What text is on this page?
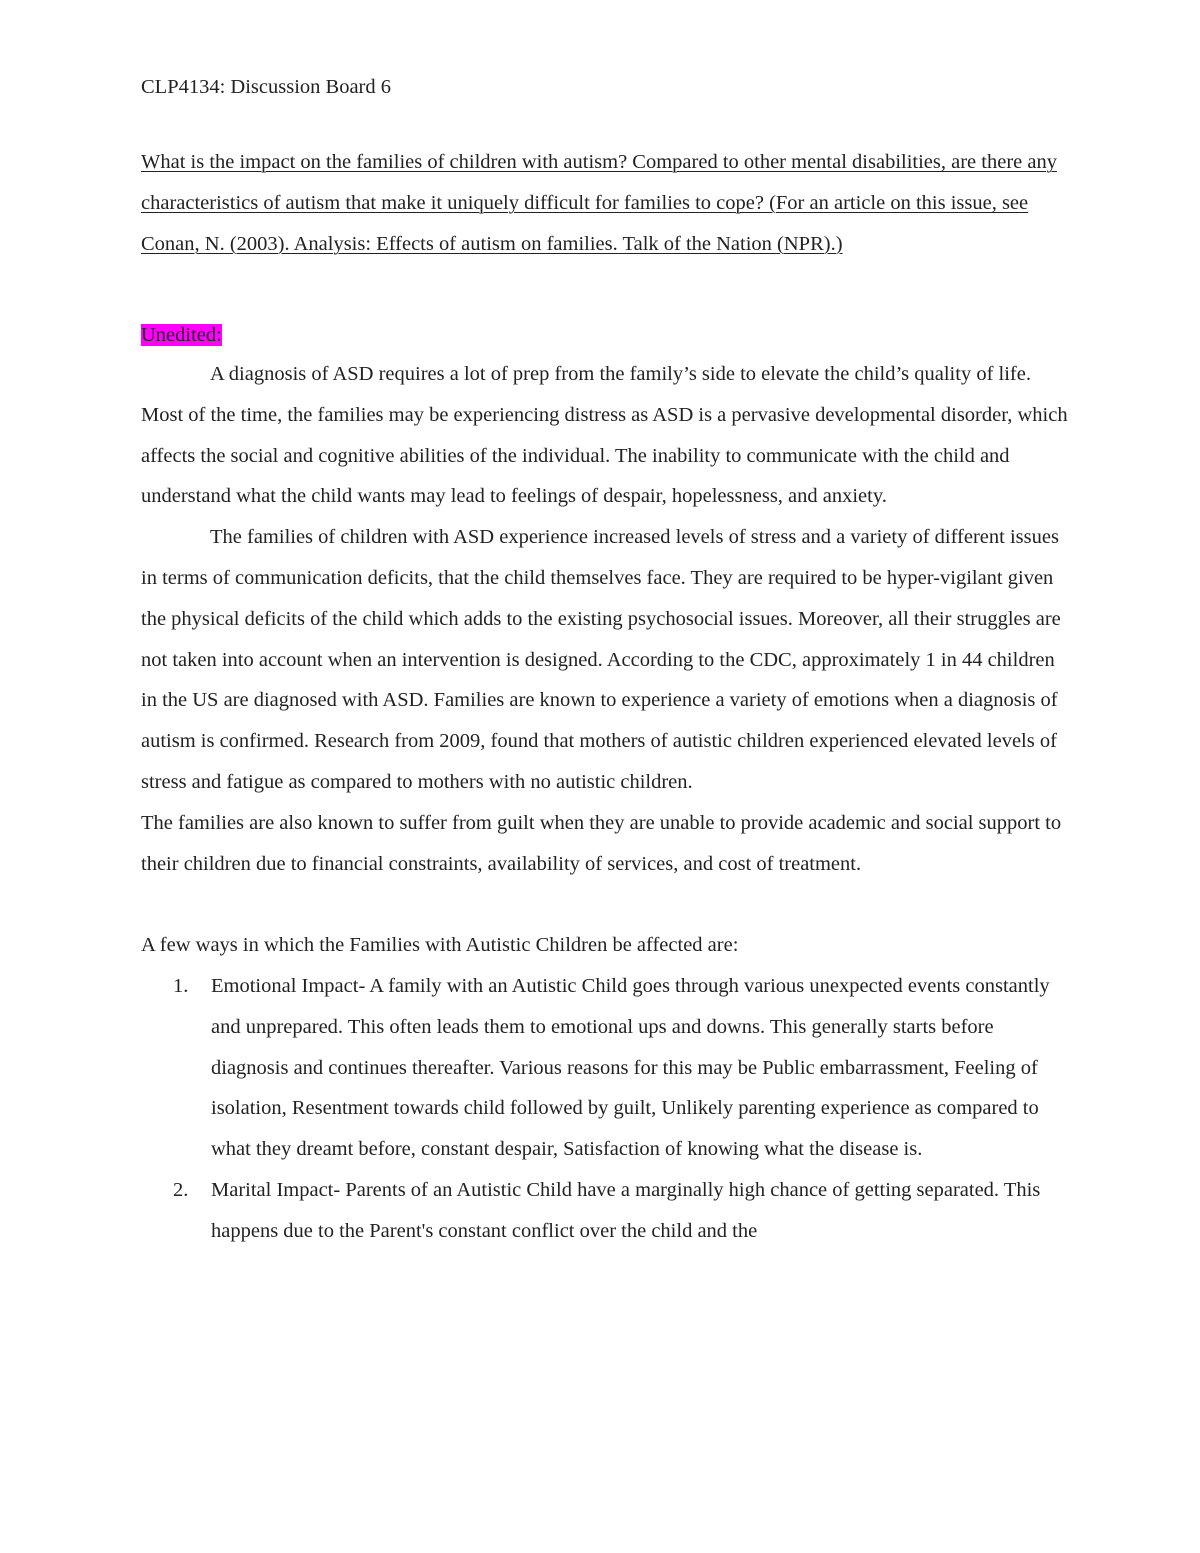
CLP4134: Discussion Board 6
What is the impact on the families of children with autism? Compared to other mental disabilities, are there any characteristics of autism that make it uniquely difficult for families to cope? (For an article on this issue, see Conan, N. (2003). Analysis: Effects of autism on families. Talk of the Nation (NPR).)
Unedited:

A diagnosis of ASD requires a lot of prep from the family’s side to elevate the child’s quality of life. Most of the time, the families may be experiencing distress as ASD is a pervasive developmental disorder, which affects the social and cognitive abilities of the individual. The inability to communicate with the child and understand what the child wants may lead to feelings of despair, hopelessness, and anxiety.

The families of children with ASD experience increased levels of stress and a variety of different issues in terms of communication deficits, that the child themselves face. They are required to be hyper-vigilant given the physical deficits of the child which adds to the existing psychosocial issues. Moreover, all their struggles are not taken into account when an intervention is designed. According to the CDC, approximately 1 in 44 children in the US are diagnosed with ASD. Families are known to experience a variety of emotions when a diagnosis of autism is confirmed. Research from 2009, found that mothers of autistic children experienced elevated levels of stress and fatigue as compared to mothers with no autistic children.

The families are also known to suffer from guilt when they are unable to provide academic and social support to their children due to financial constraints, availability of services, and cost of treatment.

A few ways in which the Families with Autistic Children be affected are:

1. Emotional Impact- A family with an Autistic Child goes through various unexpected events constantly and unprepared. This often leads them to emotional ups and downs. This generally starts before diagnosis and continues thereafter. Various reasons for this may be Public embarrassment, Feeling of isolation, Resentment towards child followed by guilt, Unlikely parenting experience as compared to what they dreamt before, constant despair, Satisfaction of knowing what the disease is.
2. Marital Impact- Parents of an Autistic Child have a marginally high chance of getting separated. This happens due to the Parent's constant conflict over the child and the
